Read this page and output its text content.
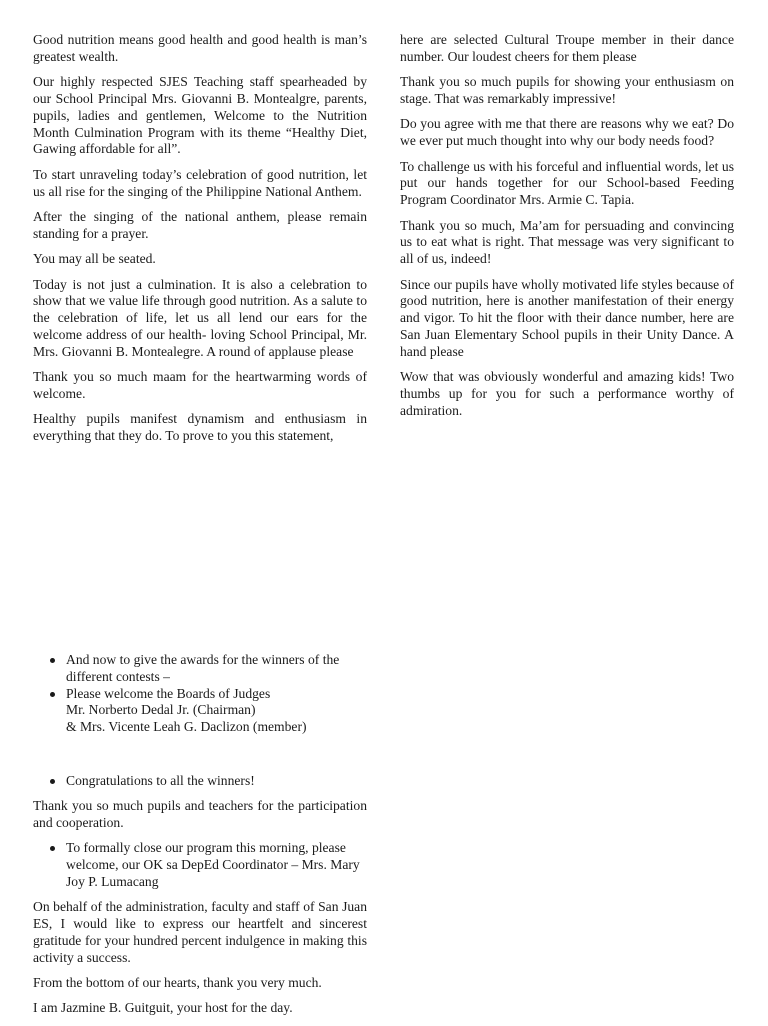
Good nutrition means good health and good health is man’s greatest wealth.

Our highly respected SJES Teaching staff spearheaded by our School Principal Mrs. Giovanni B. Montealgre, parents, pupils, ladies and gentlemen, Welcome to the Nutrition Month Culmination Program with its theme “Healthy Diet, Gawing affordable for all”.

To start unraveling today’s celebration of good nutrition, let us all rise for the singing of the Philippine National Anthem.

After the singing of the national anthem, please remain standing for a prayer.

You may all be seated.

Today is not just a culmination. It is also a celebration to show that we value life through good nutrition. As a salute to the celebration of life, let us all lend our ears for the welcome address of our health- loving School Principal, Mr. Mrs. Giovanni B. Montealegre. A round of applause please

Thank you so much maam for the heartwarming words of welcome.

Healthy pupils manifest dynamism and enthusiasm in everything that they do. To prove to you this statement,

here are selected Cultural Troupe member in their dance number. Our loudest cheers for them please

Thank you so much pupils for showing your enthusiasm on stage. That was remarkably impressive!

Do you agree with me that there are reasons why we eat? Do we ever put much thought into why our body needs food?

To challenge us with his forceful and influential words, let us put our hands together for our School-based Feeding Program Coordinator Mrs. Armie C. Tapia.

Thank you so much, Ma’am for persuading and convincing us to eat what is right. That message was very significant to all of us, indeed!

Since our pupils have wholly motivated life styles because of good nutrition, here is another manifestation of their energy and vigor. To hit the floor with their dance number, here are San Juan Elementary School pupils in their Unity Dance. A hand please

Wow that was obviously wonderful and amazing kids! Two thumbs up for you for such a performance worthy of admiration.

And now to give the awards for the winners of the different contests –
Please welcome the Boards of Judges
Mr. Norberto Dedal Jr. (Chairman)
& Mrs. Vicente Leah G. Daclizon (member)
Congratulations to all the winners!

Thank you so much pupils and teachers for the participation and cooperation.

To formally close our program this morning, please welcome, our OK sa DepEd Coordinator – Mrs. Mary Joy P. Lumacang

On behalf of the administration, faculty and staff of San Juan ES, I would like to express our heartfelt and sincerest gratitude for your hundred percent indulgence in making this activity a success.

From the bottom of our hearts, thank you very much.

I am Jazmine B. Guitguit, your host for the day.
